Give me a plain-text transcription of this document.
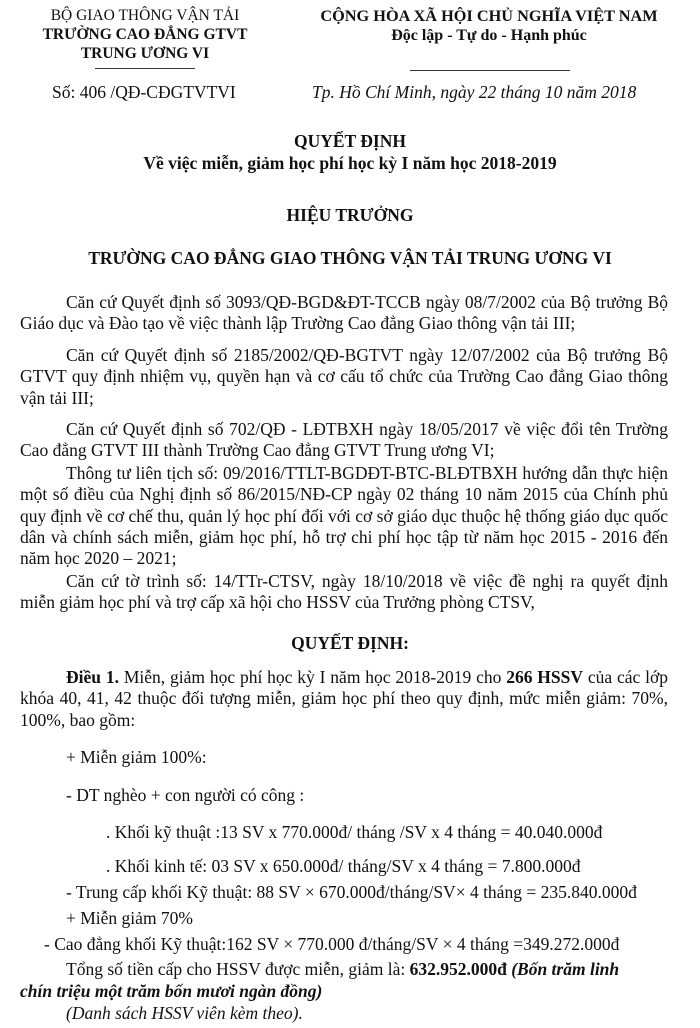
BỘ GIAO THÔNG VẬN TẢI
TRƯỜNG CAO ĐẲNG GTVT
TRUNG ƯƠNG VI
CỘNG HÒA XÃ HỘI CHỦ NGHĨA VIỆT NAM
Độc lập - Tự do - Hạnh phúc
Số: 406 /QĐ-CĐGTVTVI	Tp. Hồ Chí Minh, ngày 22 tháng 10 năm 2018
QUYẾT ĐỊNH
Về việc miễn, giảm học phí học kỳ I năm học 2018-2019
HIỆU TRƯỞNG
TRƯỜNG CAO ĐẲNG GIAO THÔNG VẬN TẢI TRUNG ƯƠNG VI
Căn cứ Quyết định số 3093/QĐ-BGD&ĐT-TCCB ngày 08/7/2002 của Bộ trưởng Bộ Giáo dục và Đào tạo về việc thành lập Trường Cao đẳng Giao thông vận tải III;
Căn cứ Quyết định số 2185/2002/QĐ-BGTVT ngày 12/07/2002 của Bộ trưởng Bộ GTVT quy định nhiệm vụ, quyền hạn và cơ cấu tổ chức của Trường Cao đẳng Giao thông vận tải III;
Căn cứ Quyết định số 702/QĐ - LĐTBXH ngày 18/05/2017 về việc đổi tên Trường Cao đẳng GTVT III thành Trường Cao đẳng GTVT Trung ương VI;
Thông tư liên tịch số: 09/2016/TTLT-BGDĐT-BTC-BLĐTBXH hướng dẫn thực hiện một số điều của Nghị định số 86/2015/NĐ-CP ngày 02 tháng 10 năm 2015 của Chính phủ quy định về cơ chế thu, quản lý học phí đối với cơ sở giáo dục thuộc hệ thống giáo dục quốc dân và chính sách miễn, giảm học phí, hỗ trợ chi phí học tập từ năm học 2015 - 2016 đến năm học 2020 – 2021;
Căn cứ tờ trình số: 14/TTr-CTSV, ngày 18/10/2018 về việc đề nghị ra quyết định miễn giảm học phí và trợ cấp xã hội cho HSSV của Trưởng phòng CTSV,
QUYẾT ĐỊNH:
Điều 1. Miễn, giảm học phí học kỳ I năm học 2018-2019 cho 266 HSSV của các lớp khóa 40, 41, 42 thuộc đối tượng miễn, giảm học phí theo quy định, mức miễn giảm: 70%, 100%, bao gồm:
+ Miễn giảm 100%:
- DT nghèo + con người có công :
. Khối kỹ thuật :13 SV x 770.000đ/ tháng /SV x 4 tháng = 40.040.000đ
. Khối kinh tế: 03 SV x 650.000đ/ tháng/SV x 4 tháng = 7.800.000đ
- Trung cấp khối Kỹ thuật: 88 SV × 670.000đ/tháng/SV× 4 tháng = 235.840.000đ
+ Miễn giảm 70%
- Cao đẳng khối Kỹ thuật:162 SV × 770.000 đ/tháng/SV × 4 tháng =349.272.000đ
Tổng số tiền cấp cho HSSV được miễn, giảm là: 632.952.000đ (Bốn trăm linh
chín triệu một trăm bốn mươi ngàn đồng)
(Danh sách HSSV viên kèm theo).
